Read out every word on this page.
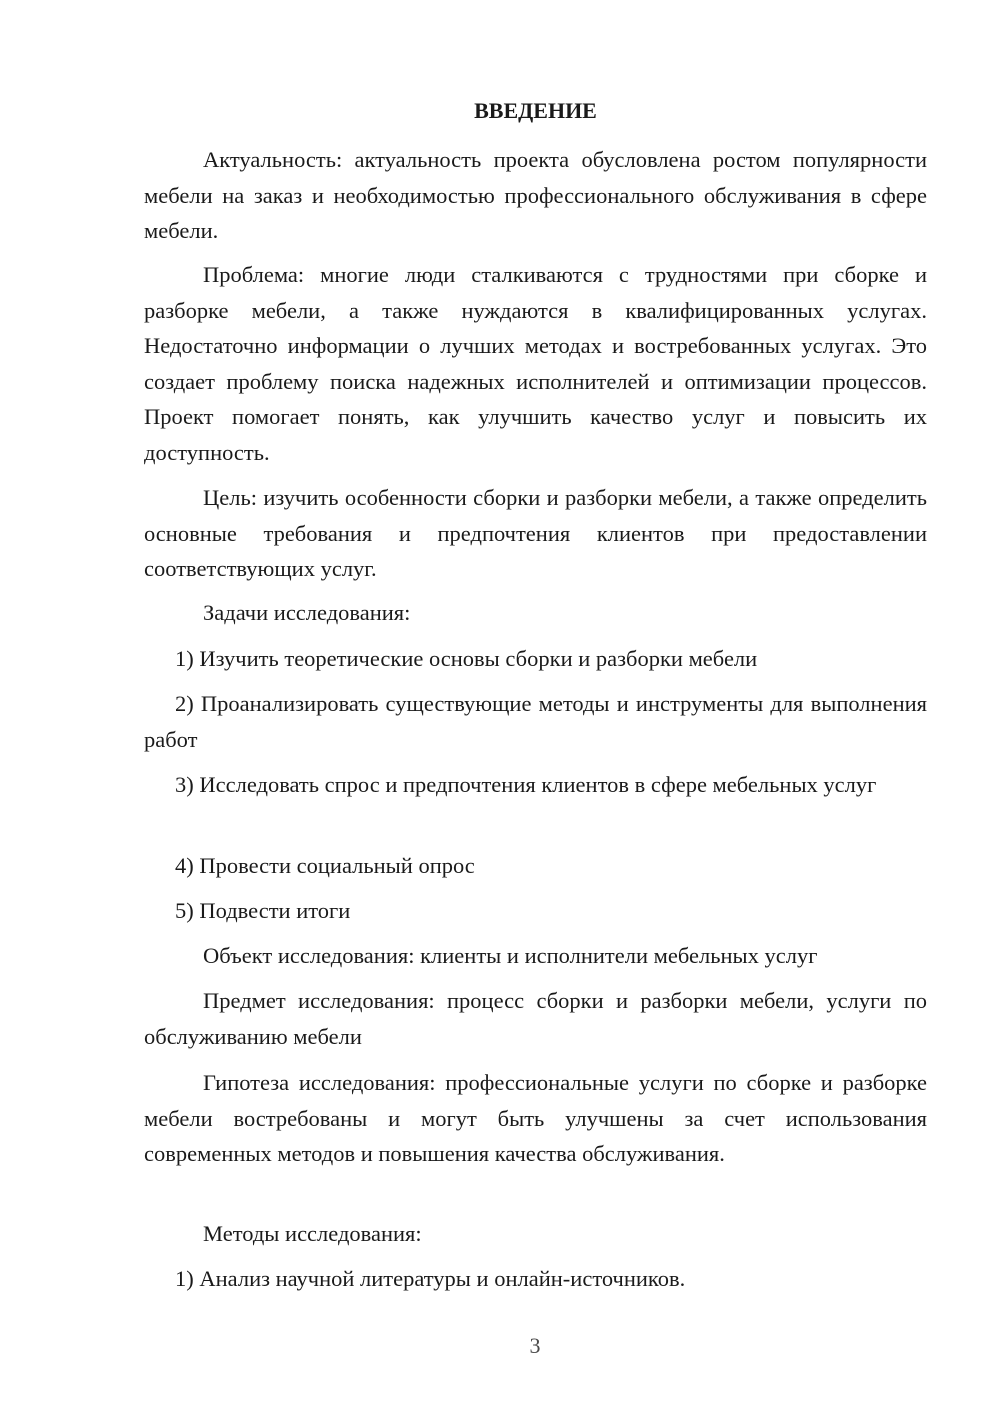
ВВЕДЕНИЕ

Актуальность: актуальность проекта обусловлена ростом популярности мебели на заказ и необходимостью профессионального обслуживания в сфере мебели.

Проблема: многие люди сталкиваются с трудностями при сборке и разборке мебели, а также нуждаются в квалифицированных услугах. Недостаточно информации о лучших методах и востребованных услугах. Это создает проблему поиска надежных исполнителей и оптимизации процессов. Проект помогает понять, как улучшить качество услуг и повысить их доступность.

Цель: изучить особенности сборки и разборки мебели, а также определить основные требования и предпочтения клиентов при предоставлении соответствующих услуг.

Задачи исследования:

1) Изучить теоретические основы сборки и разборки мебели

2) Проанализировать существующие методы и инструменты для выполнения работ

3) Исследовать спрос и предпочтения клиентов в сфере мебельных услуг

4) Провести социальный опрос

5) Подвести итоги

Объект исследования: клиенты и исполнители мебельных услуг

Предмет исследования: процесс сборки и разборки мебели, услуги по обслуживанию мебели

Гипотеза исследования: профессиональные услуги по сборке и разборке мебели востребованы и могут быть улучшены за счет использования современных методов и повышения качества обслуживания.

Методы исследования:

1) Анализ научной литературы и онлайн-источников.

3
